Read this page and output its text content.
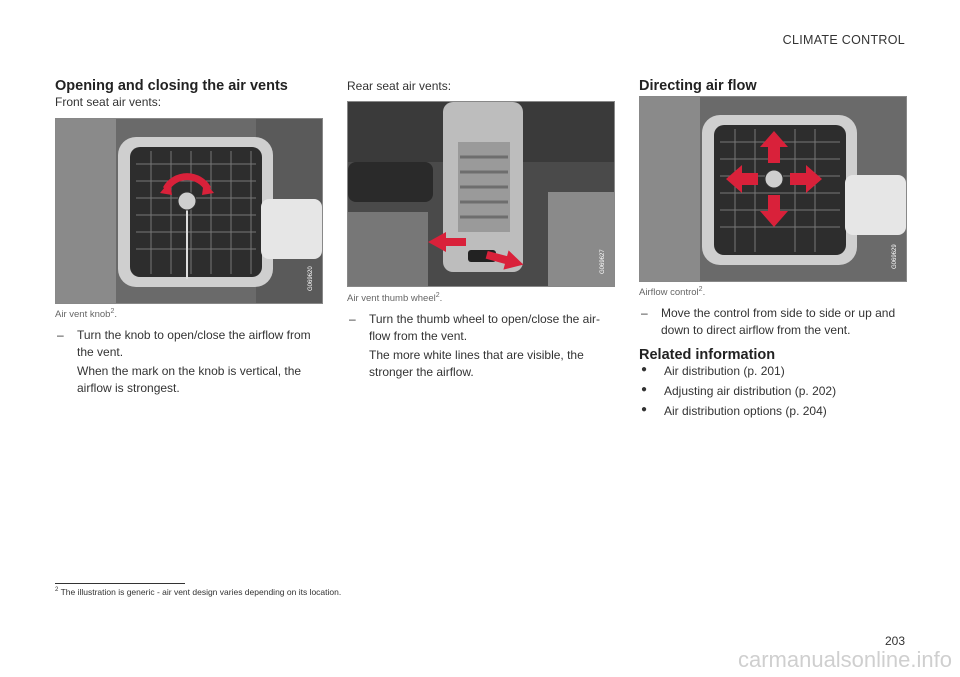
CLIMATE CONTROL
Opening and closing the air vents
Front seat air vents:
G069620
Air vent knob$^2$.
– Turn the knob to open/close the airflow from
the vent.
When the mark on the knob is vertical, the
airflow is strongest.
Rear seat air vents:
G069627
Air vent thumb wheel$^2$.
– Turn the thumb wheel to open/close the air-
flow from the vent.
The more white lines that are visible, the
stronger the airflow.
Directing air flow
G069629
Airflow control$^2$.
– Move the control from side to side or up and
down to direct airflow from the vent.
Related information
● Air distribution (p. 201)
● Adjusting air distribution (p. 202)
● Air distribution options (p. 204)
$^2$ The illustration is generic - air vent design varies depending on its location.
203
carmanualsonline.info
